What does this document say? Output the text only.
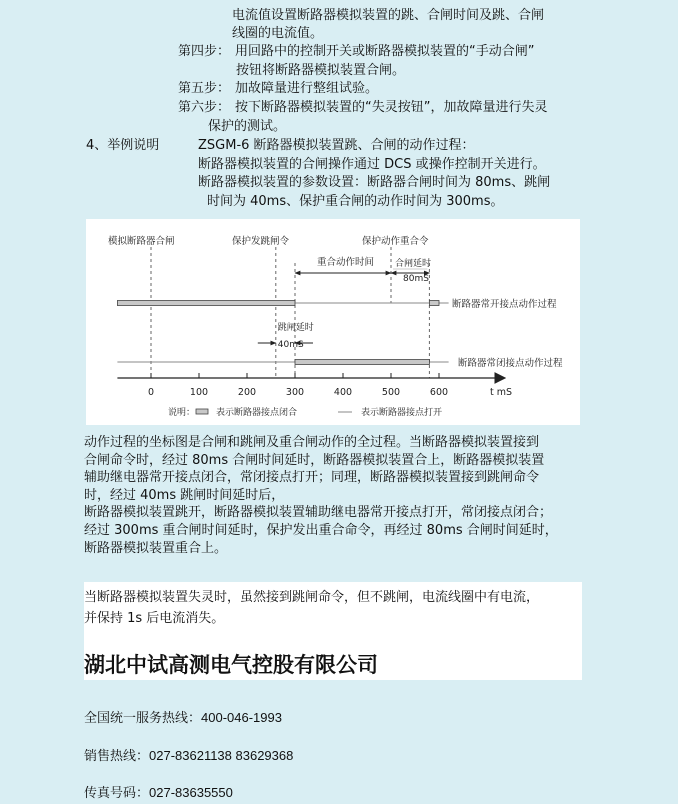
电流值设置断路器模拟装置的跳、合闸时间及跳、合闸
线圈的电流值。
第四步： 用回路中的控制开关或断路器模拟装置的“手动合闸”
按钮将断路器模拟装置合闸。
第五步： 加故障量进行整组试验。
第六步： 按下断路器模拟装置的“失灵按钮”，加故障量进行失灵
保护的测试。
4、举例说明	ZSGM-6 断路器模拟装置跳、合闸的动作过程：
断路器模拟装置的合闸操作通过 DCS 或操作控制开关进行。
断路器模拟装置的参数设置：断路器合闸时间为 80ms、跳闸
时间为 40ms、保护重合闸的动作时间为 300ms。
模拟断路器合闸	保护发跳闸令	保护动作重合令
重合动作时间 合闸延时
80mS
断路器常开接点动作过程
跳闸延时
40mS
断路器常闭接点动作过程
0	100	200	300	400	500	600	t mS
说明： 表示断路器接点闭合	表示断路器接点打开
动作过程的坐标图是合闸和跳闸及重合闸动作的全过程。当断路器模拟装置接到
合闸命令时，经过 80ms 合闸时间延时，断路器模拟装置合上，断路器模拟装置
辅助继电器常开接点闭合，常闭接点打开；同理，断路器模拟装置接到跳闸命令
时，经过 40ms 跳闸时间延时后，
断路器模拟装置跳开，断路器模拟装置辅助继电器常开接点打开，常闭接点闭合；
经过 300ms 重合闸时间延时，保护发出重合命令，再经过 80ms 合闸时间延时，
断路器模拟装置重合上。
当断路器模拟装置失灵时，虽然接到跳闸命令，但不跳闸，电流线圈中有电流，
并保持 1s 后电流消失。
湖北中试高测电气控股有限公司
全国统一服务热线：400-046-1993
销售热线：027-83621138 83629368
传真号码：027-83635550
